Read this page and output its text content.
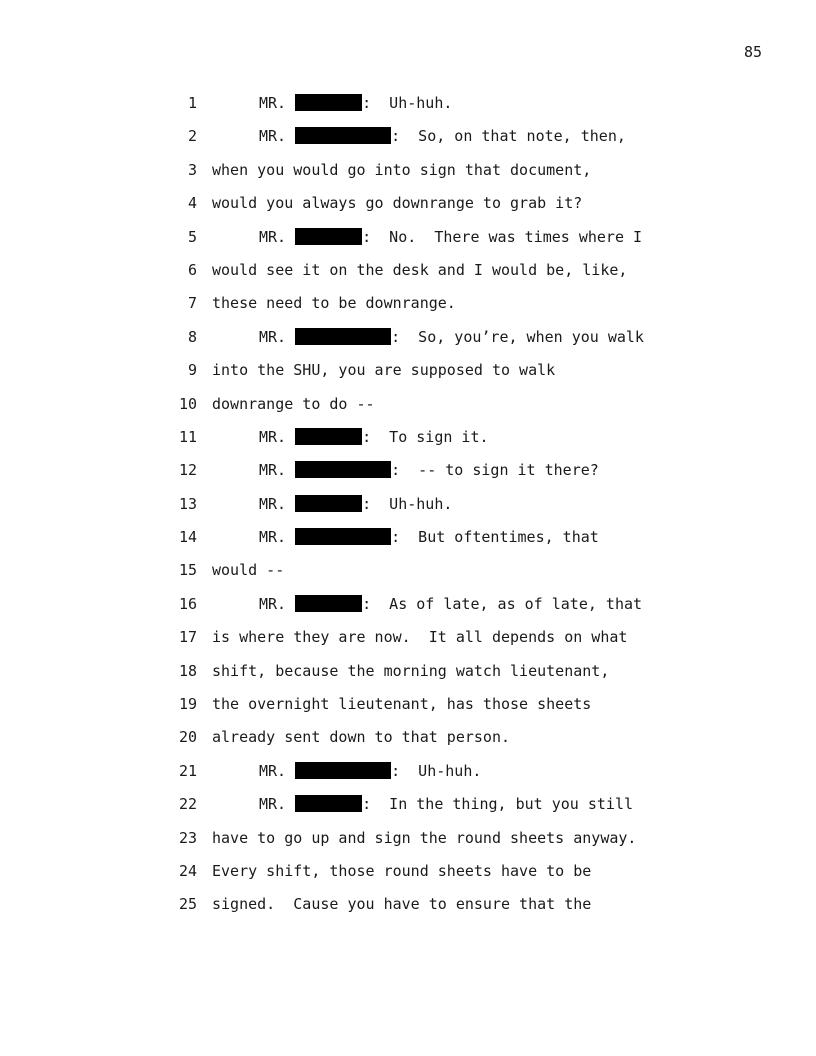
85
1	MR.	:  Uh-huh.
2	MR.	:  So, on that note, then,
3 when you would go into sign that document,
4 would you always go downrange to grab it?
5	MR.	:  No.  There was times where I
6 would see it on the desk and I would be, like,
7 these need to be downrange.
8	MR.	:  So, you’re, when you walk
9 into the SHU, you are supposed to walk
10 downrange to do --
11	MR.	:  To sign it.
12	MR.	:  -- to sign it there?
13	MR.	:  Uh-huh.
14	MR.	:  But oftentimes, that
15 would --
16	MR.	:  As of late, as of late, that
17 is where they are now.  It all depends on what
18 shift, because the morning watch lieutenant,
19 the overnight lieutenant, has those sheets
20 already sent down to that person.
21	MR.	:  Uh-huh.
22	MR.	:  In the thing, but you still
23 have to go up and sign the round sheets anyway.
24 Every shift, those round sheets have to be
25 signed.  Cause you have to ensure that the
